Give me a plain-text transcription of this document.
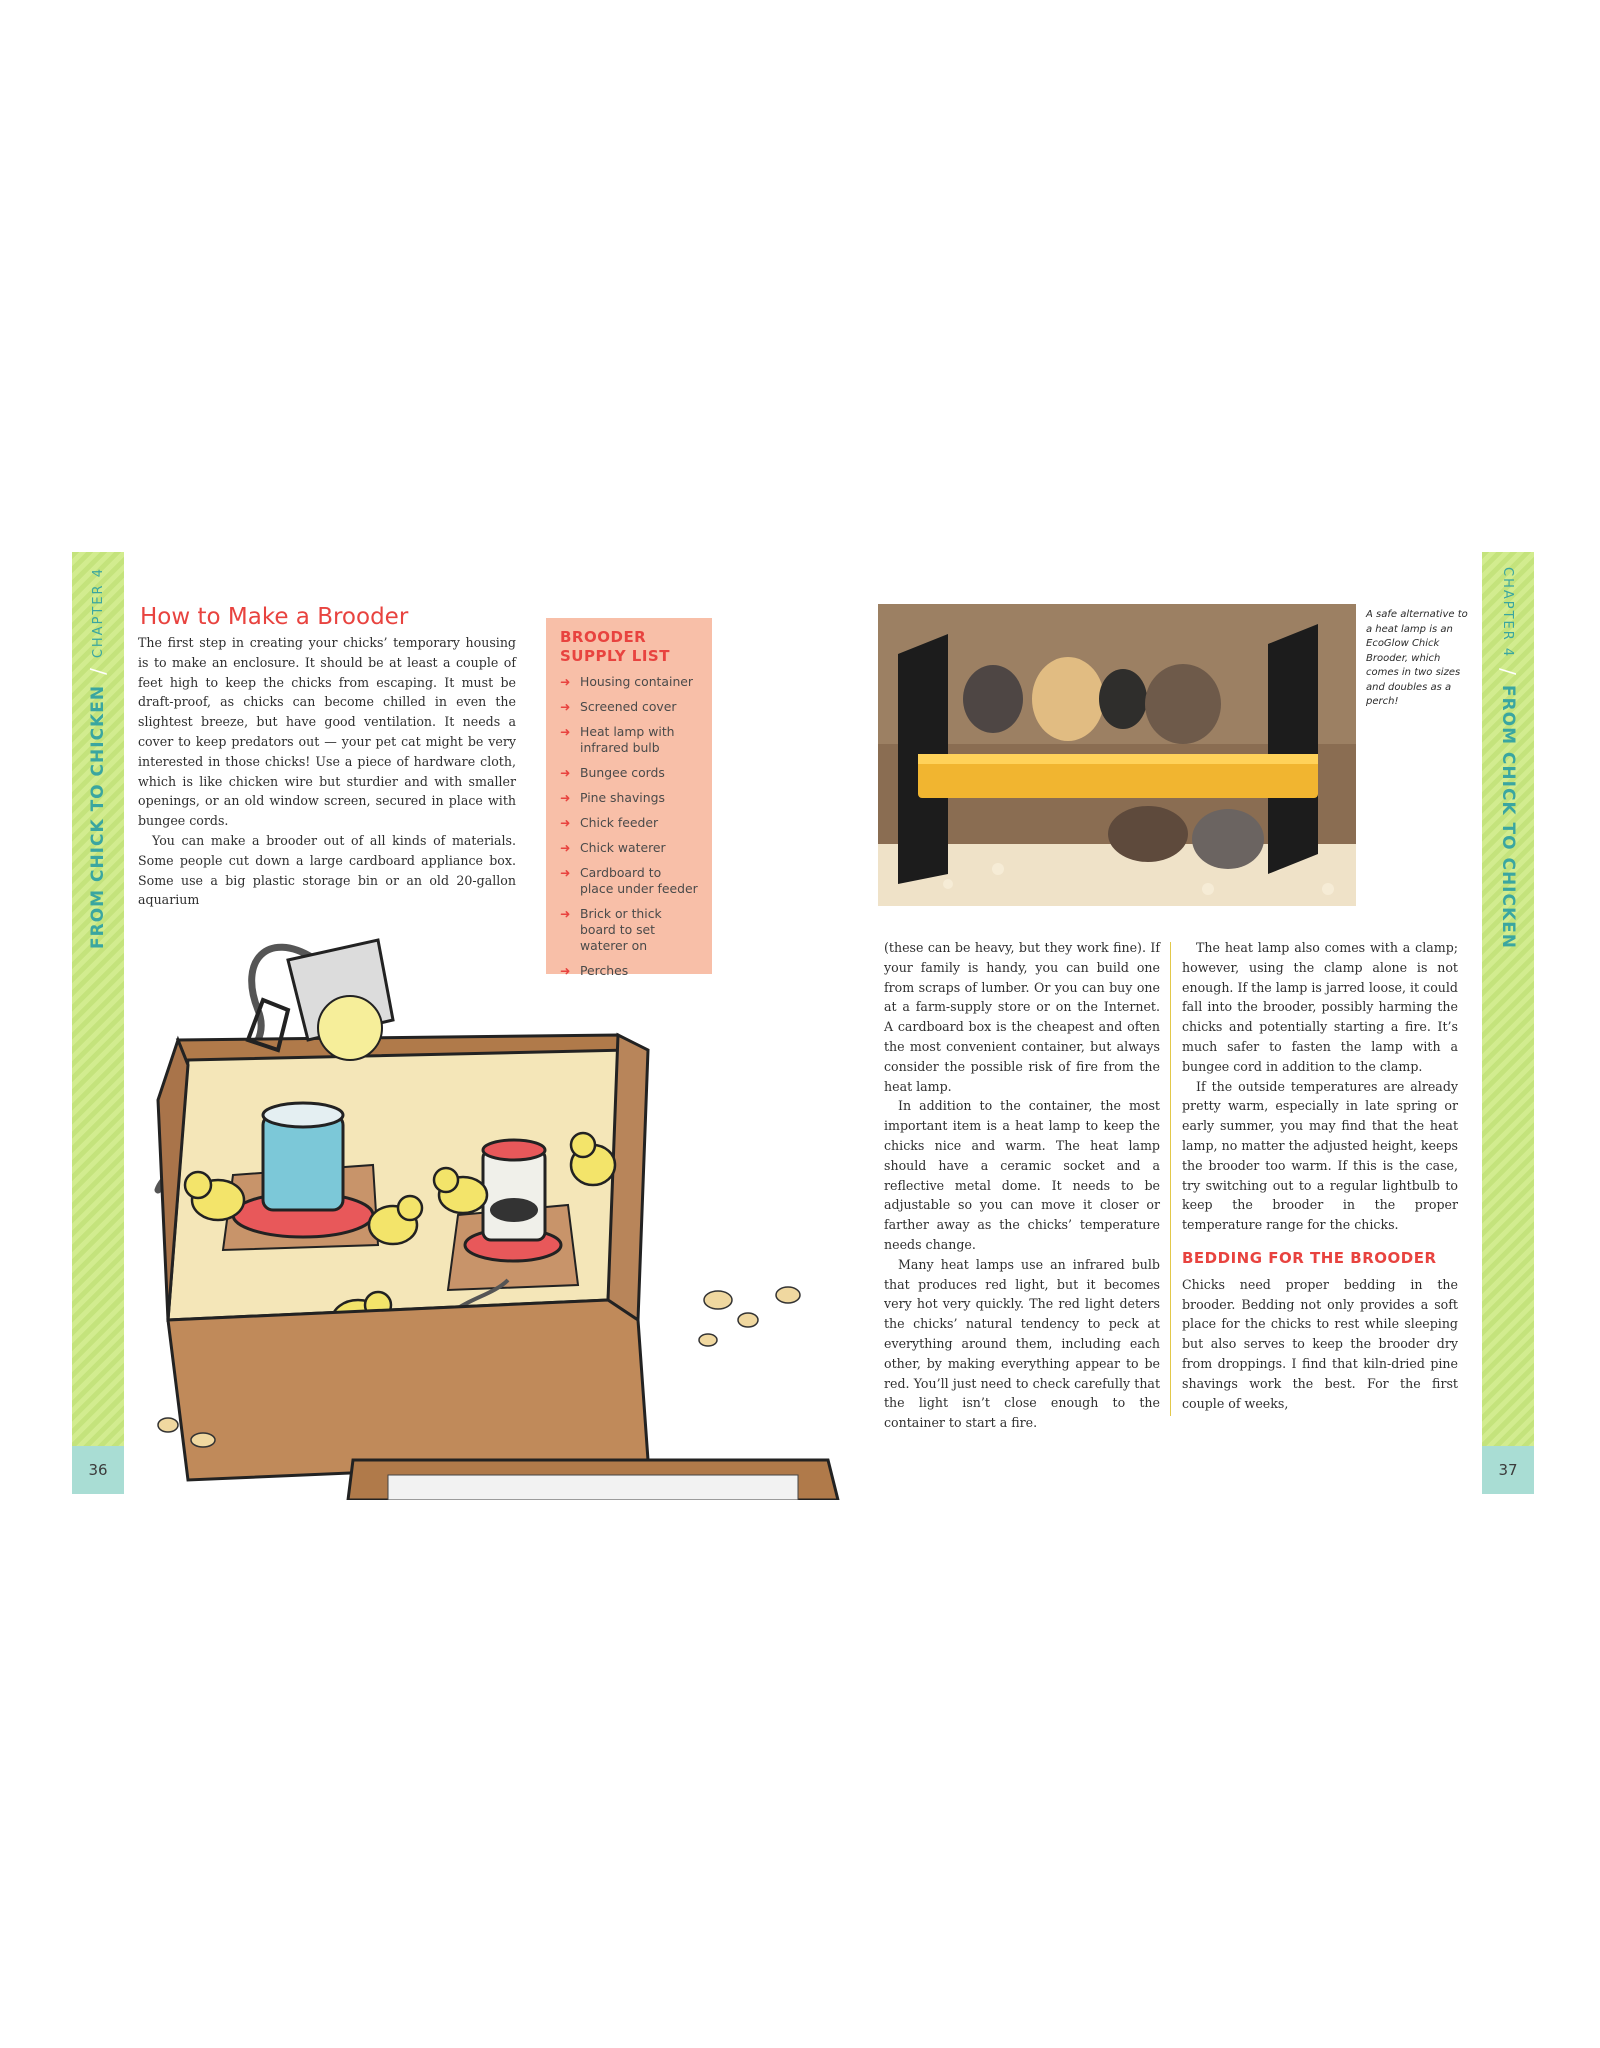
FROM CHICK TO CHICKEN
/
CHAPTER 4
36
CHAPTER 4
/
FROM CHICK TO CHICKEN
37
How to Make a Brooder

The first step in creating your chicks’ temporary housing is to make an enclosure. It should be at least a couple of feet high to keep the chicks from escaping. It must be draft-proof, as chicks can become chilled in even the slightest breeze, but have good ventilation. It needs a cover to keep predators out — your pet cat might be very interested in those chicks! Use a piece of hardware cloth, which is like chicken wire but sturdier and with smaller openings, or an old window screen, secured in place with bungee cords.

You can make a brooder out of all kinds of materials. Some people cut down a large cardboard appliance box. Some use a big plastic storage bin or an old 20-gallon aquarium

BROODER SUPPLY LIST
➜ Housing container
➜ Screened cover
➜ Heat lamp with infrared bulb
➜ Bungee cords
➜ Pine shavings
➜ Chick feeder
➜ Chick waterer
➜ Cardboard to place under feeder
➜ Brick or thick board to set waterer on
➜ Perches
A safe alternative to a heat lamp is an EcoGlow Chick Brooder, which comes in two sizes and doubles as a perch!

(these can be heavy, but they work fine). If your family is handy, you can build one from scraps of lumber. Or you can buy one at a farm-supply store or on the Internet. A cardboard box is the cheapest and often the most convenient container, but always consider the possible risk of fire from the heat lamp.

In addition to the container, the most important item is a heat lamp to keep the chicks nice and warm. The heat lamp should have a ceramic socket and a reflective metal dome. It needs to be adjustable so you can move it closer or farther away as the chicks’ temperature needs change.

Many heat lamps use an infrared bulb that produces red light, but it becomes very hot very quickly. The red light deters the chicks’ natural tendency to peck at everything around them, including each other, by making everything appear to be red. You’ll just need to check carefully that the light isn’t close enough to the container to start a fire.

The heat lamp also comes with a clamp; however, using the clamp alone is not enough. If the lamp is jarred loose, it could fall into the brooder, possibly harming the chicks and potentially starting a fire. It’s much safer to fasten the lamp with a bungee cord in addition to the clamp.

If the outside temperatures are already pretty warm, especially in late spring or early summer, you may find that the heat lamp, no matter the adjusted height, keeps the brooder too warm. If this is the case, try switching out to a regular lightbulb to keep the brooder in the proper temperature range for the chicks.

BEDDING FOR THE BROODER

Chicks need proper bedding in the brooder. Bedding not only provides a soft place for the chicks to rest while sleeping but also serves to keep the brooder dry from droppings. I find that kiln-dried pine shavings work the best. For the first couple of weeks,
